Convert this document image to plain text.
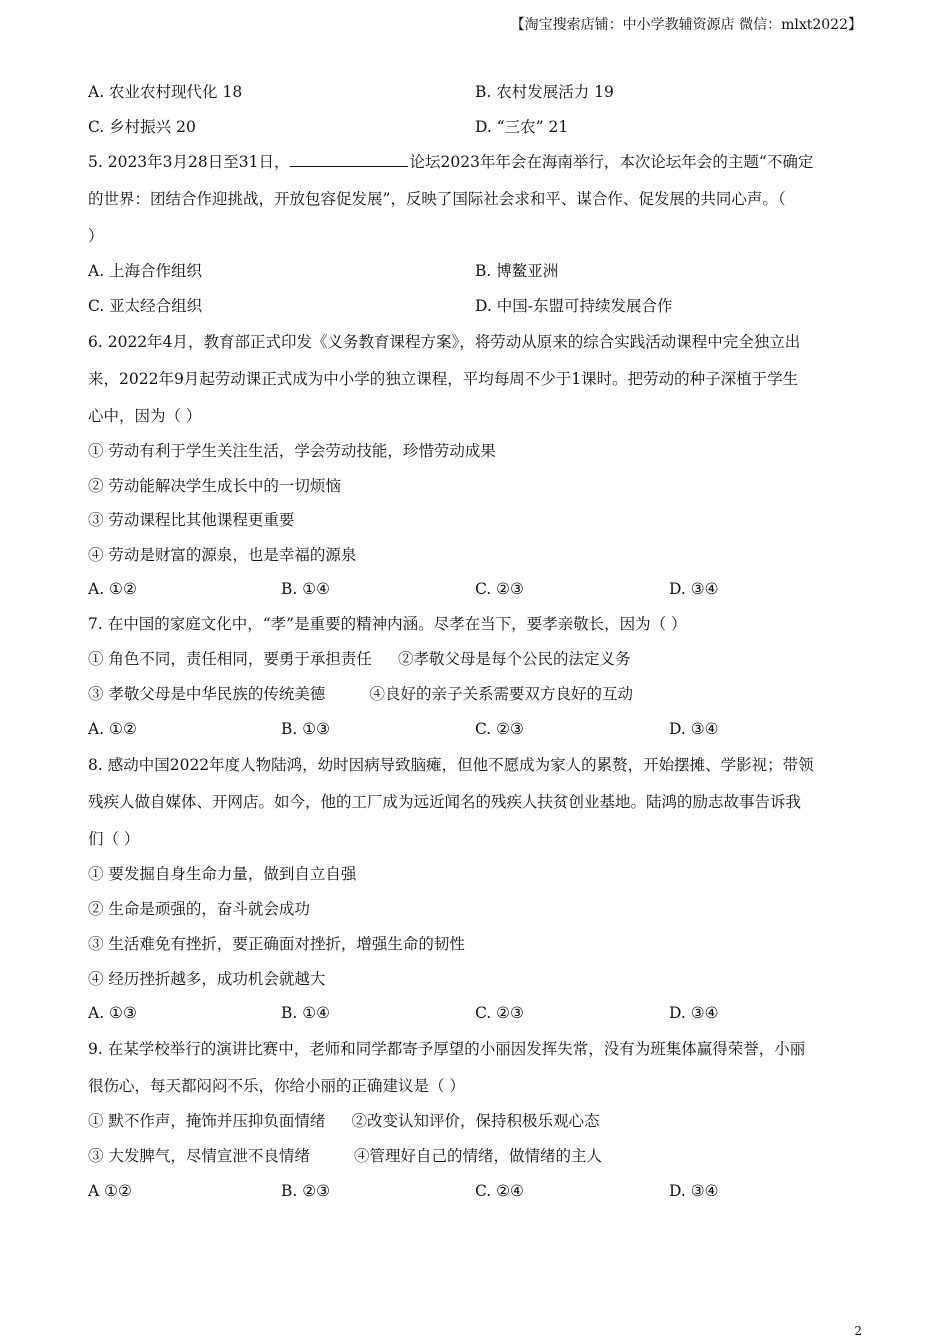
【淘宝搜索店铺：中小学教辅资源店 微信：mlxt2022】
A. 农业农村现代化 18	B. 农村发展活力 19
C. 乡村振兴 20	D. “三农” 21
5. 2023年3月28日至31日，	论坛2023年年会在海南举行，本次论坛年会的主题“不确定
的世界：团结合作迎挑战，开放包容促发展”，反映了国际社会求和平、谋合作、促发展的共同心声。（
）
A. 上海合作组织	B. 博鳌亚洲
C. 亚太经合组织	D. 中国-东盟可持续发展合作
6. 2022年4月，教育部正式印发《义务教育课程方案》，将劳动从原来的综合实践活动课程中完全独立出
来，2022年9月起劳动课正式成为中小学的独立课程，平均每周不少于1课时。把劳动的种子深植于学生
心中，因为（ ）
① 劳动有利于学生关注生活，学会劳动技能，珍惜劳动成果
② 劳动能解决学生成长中的一切烦恼
③ 劳动课程比其他课程更重要
④ 劳动是财富的源泉，也是幸福的源泉
A. ①②	B. ①④	C. ②③	D. ③④
7. 在中国的家庭文化中，“孝”是重要的精神内涵。尽孝在当下，要孝亲敬长，因为（ ）
① 角色不同，责任相同，要勇于承担责任 ②孝敬父母是每个公民的法定义务
③ 孝敬父母是中华民族的传统美德	④良好的亲子关系需要双方良好的互动
A. ①②	B. ①③	C. ②③	D. ③④
8. 感动中国2022年度人物陆鸿，幼时因病导致脑瘫，但他不愿成为家人的累赘，开始摆摊、学影视；带领
残疾人做自媒体、开网店。如今，他的工厂成为远近闻名的残疾人扶贫创业基地。陆鸿的励志故事告诉我
们（ ）
① 要发掘自身生命力量，做到自立自强
② 生命是顽强的，奋斗就会成功
③ 生活难免有挫折，要正确面对挫折，增强生命的韧性
④ 经历挫折越多，成功机会就越大
A. ①③	B. ①④	C. ②③	D. ③④
9. 在某学校举行的演讲比赛中，老师和同学都寄予厚望的小丽因发挥失常，没有为班集体赢得荣誉，小丽
很伤心，每天都闷闷不乐，你给小丽的正确建议是（ ）
① 默不作声，掩饰并压抑负面情绪 ②改变认知评价，保持积极乐观心态
③ 大发脾气，尽情宣泄不良情绪	④管理好自己的情绪，做情绪的主人
A ①②	B. ②③	C. ②④	D. ③④
2
